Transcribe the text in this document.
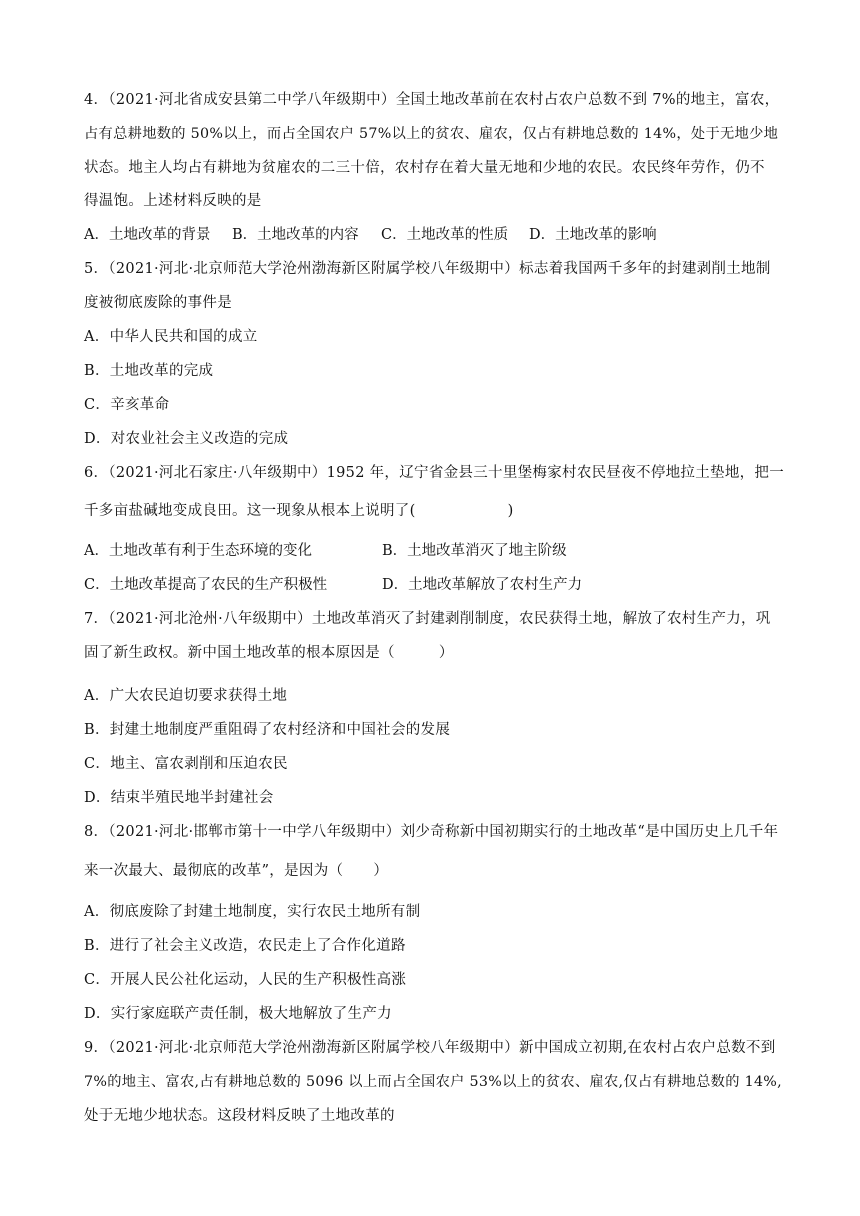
4．（2021·河北省成安县第二中学八年级期中）全国土地改革前在农村占农户总数不到 7%的地主，富农，
占有总耕地数的 50%以上，而占全国农户 57%以上的贫农、雇农，仅占有耕地总数的 14%，处于无地少地
状态。地主人均占有耕地为贫雇农的二三十倍，农村存在着大量无地和少地的农民。农民终年劳作，仍不
得温饱。上述材料反映的是
A．土地改革的背景 B．土地改革的内容 C．土地改革的性质 D．土地改革的影响
5．（2021·河北·北京师范大学沧州渤海新区附属学校八年级期中）标志着我国两千多年的封建剥削土地制
度被彻底废除的事件是
A．中华人民共和国的成立
B．土地改革的完成
C．辛亥革命
D．对农业社会主义改造的完成
6．（2021·河北石家庄·八年级期中）1952 年，辽宁省金县三十里堡梅家村农民昼夜不停地拉土垫地，把一
千多亩盐碱地变成良田。这一现象从根本上说明了(	)
A．土地改革有利于生态环境的变化	B．土地改革消灭了地主阶级
C．土地改革提高了农民的生产积极性	D．土地改革解放了农村生产力
7．（2021·河北沧州·八年级期中）土地改革消灭了封建剥削制度，农民获得土地，解放了农村生产力，巩
固了新生政权。新中国土地改革的根本原因是（	）
A．广大农民迫切要求获得土地
B．封建土地制度严重阻碍了农村经济和中国社会的发展
C．地主、富农剥削和压迫农民
D．结束半殖民地半封建社会
8．（2021·河北·邯郸市第十一中学八年级期中）刘少奇称新中国初期实行的土地改革“是中国历史上几千年
来一次最大、最彻底的改革”，是因为（ ）
A．彻底废除了封建土地制度，实行农民土地所有制
B．进行了社会主义改造，农民走上了合作化道路
C．开展人民公社化运动，人民的生产积极性高涨
D．实行家庭联产责任制，极大地解放了生产力
9．（2021·河北·北京师范大学沧州渤海新区附属学校八年级期中）新中国成立初期,在农村占农户总数不到
7%的地主、富农,占有耕地总数的 5096 以上而占全国农户 53%以上的贫农、雇农,仅占有耕地总数的 14%,
处于无地少地状态。这段材料反映了土地改革的
